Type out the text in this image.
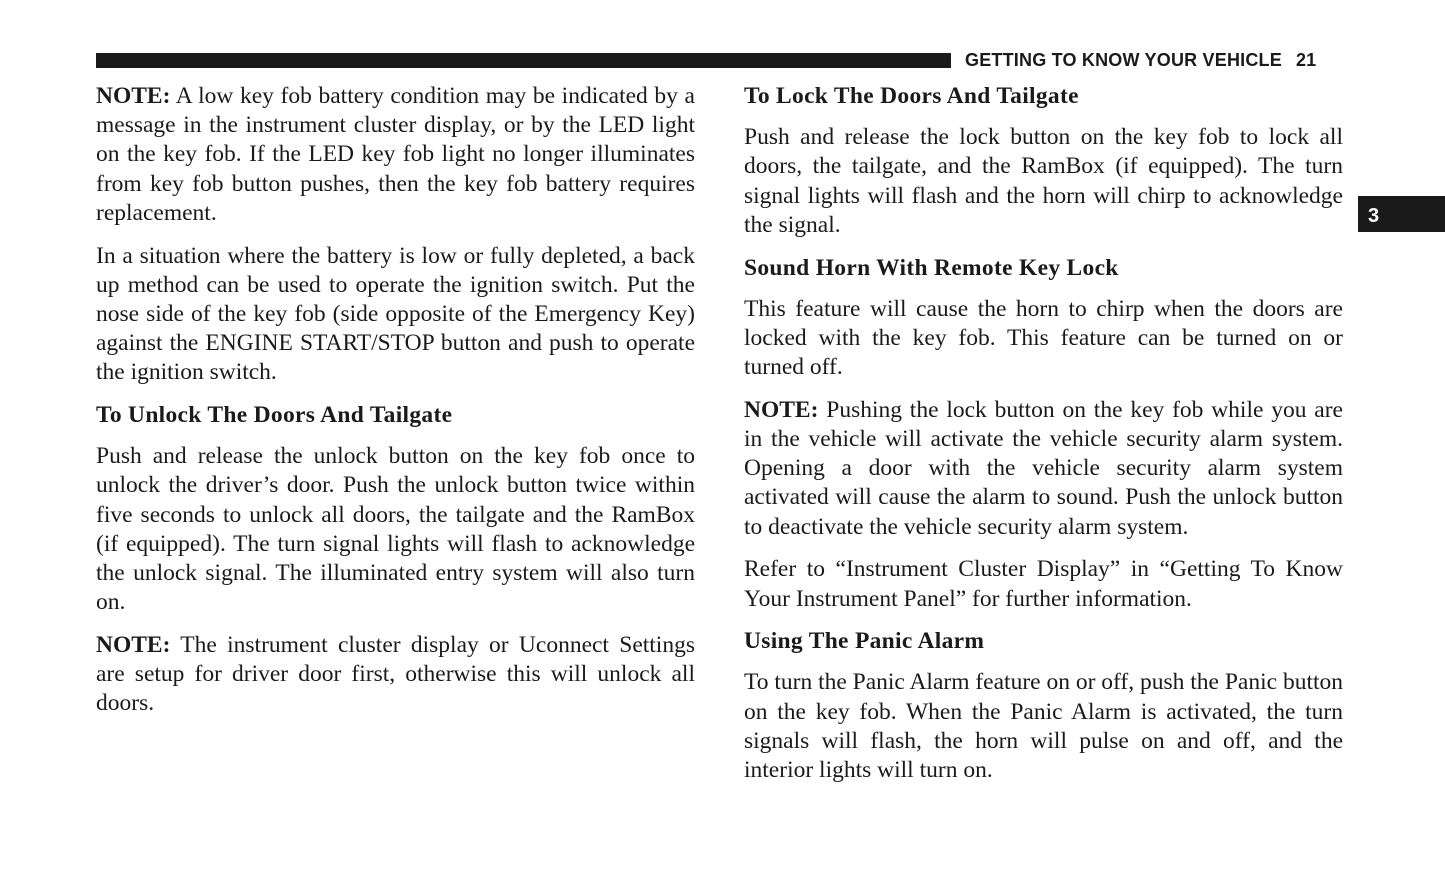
GETTING TO KNOW YOUR VEHICLE 21
3

NOTE: A low key fob battery condition may be indicated by a message in the instrument cluster display, or by the LED light on the key fob. If the LED key fob light no longer illuminates from key fob button pushes, then the key fob battery requires replacement.

In a situation where the battery is low or fully depleted, a back up method can be used to operate the ignition switch. Put the nose side of the key fob (side opposite of the Emergency Key) against the ENGINE START/STOP button and push to operate the ignition switch.

To Unlock The Doors And Tailgate

Push and release the unlock button on the key fob once to unlock the driver’s door. Push the unlock button twice within five seconds to unlock all doors, the tailgate and the RamBox (if equipped). The turn signal lights will flash to acknowledge the unlock signal. The illuminated entry system will also turn on.

NOTE: The instrument cluster display or Uconnect Settings are setup for driver door first, otherwise this will unlock all doors.

To Lock The Doors And Tailgate

Push and release the lock button on the key fob to lock all doors, the tailgate, and the RamBox (if equipped). The turn signal lights will flash and the horn will chirp to acknowledge the signal.

Sound Horn With Remote Key Lock

This feature will cause the horn to chirp when the doors are locked with the key fob. This feature can be turned on or turned off.

NOTE: Pushing the lock button on the key fob while you are in the vehicle will activate the vehicle security alarm system. Opening a door with the vehicle security alarm system activated will cause the alarm to sound. Push the unlock button to deactivate the vehicle security alarm system.

Refer to “Instrument Cluster Display” in “Getting To Know Your Instrument Panel” for further information.

Using The Panic Alarm

To turn the Panic Alarm feature on or off, push the Panic button on the key fob. When the Panic Alarm is activated, the turn signals will flash, the horn will pulse on and off, and the interior lights will turn on.
